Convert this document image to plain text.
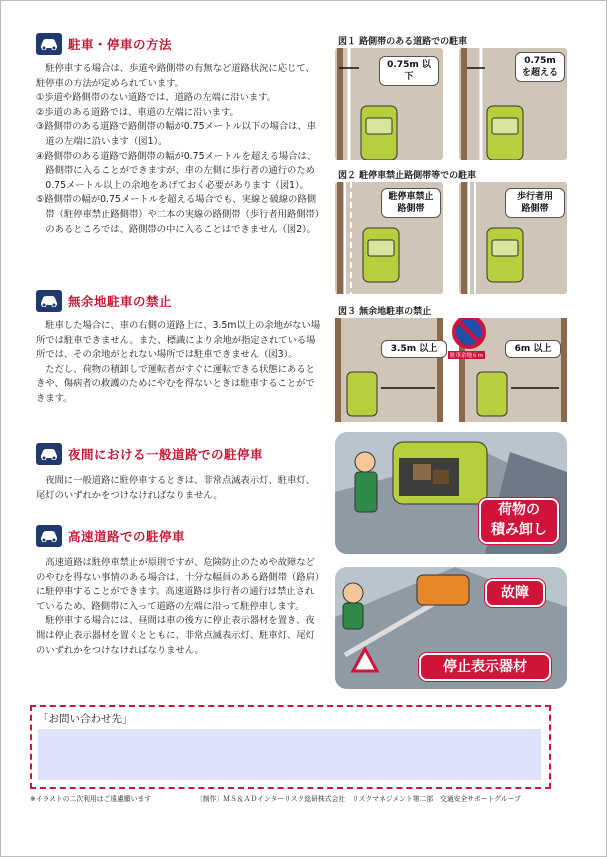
駐車・停車の方法

駐停車する場合は、歩道や路側帯の有無など道路状況に応じて、駐停車の方法が定められています。

①歩道や路側帯のない道路では、道路の左端に沿います。

②歩道のある道路では、車道の左端に沿います。

③路側帯のある道路で路側帯の幅が0.75メートル以下の場合は、車道の左端に沿います（図1）。

④路側帯のある道路で路側帯の幅が0.75メートルを超える場合は、路側帯に入ることができますが、車の左側に歩行者の通行のため0.75メートル以上の余地をあげておく必要があります（図1）。

⑤路側帯の幅が0.75メートルを超える場合でも、実線と破線の路側帯（駐停車禁止路側帯）や二本の実線の路側帯（歩行者用路側帯）のあるところでは、路側帯の中に入ることはできません（図2）。

無余地駐車の禁止

駐車した場合に、車の右側の道路上に、3.5m以上の余地がない場所では駐車できません。また、標識により余地が指定されている場所では、その余地がとれない場所では駐車できません（図3）。

ただし、荷物の積卸しで運転者がすぐに運転できる状態にあるときや、傷病者の救護のためにやむを得ないときは駐車することができます。

夜間における一般道路での駐停車

夜間に一般道路に駐停車するときは、非常点滅表示灯、駐車灯、尾灯のいずれかをつけなければなりません。

高速道路での駐停車

高速道路は駐停車禁止が原則ですが、危険防止のためや故障などのやむを得ない事情のある場合は、十分な幅員のある路側帯（路肩）に駐停車することができます。高速道路は歩行者の通行は禁止されているため、路側帯に入って道路の左端に沿って駐停車します。

駐停車する場合には、昼間は車の後方に停止表示器材を置き、夜間は停止表示器材を置くとともに、非常点滅表示灯、駐車灯、尾灯のいずれかをつけなければなりません。

図１ 路側帯のある道路での駐車
0.75m 以下
0.75m
を超える
図２ 駐停車禁止路側帯等での駐車
駐停車禁止
路側帯
歩行者用
路側帯
図３ 無余地駐車の禁止
3.5m 以上	6m 以上
駐車余地６m
荷物の
積み卸し
故障
停止表示器材
「お問い合わせ先」
※イラストの二次利用はご遠慮願います	〔制作〕ＭＳ＆ＡＤインターリスク総研株式会社　リスクマネジメント第二部　交通安全サポートグループ
